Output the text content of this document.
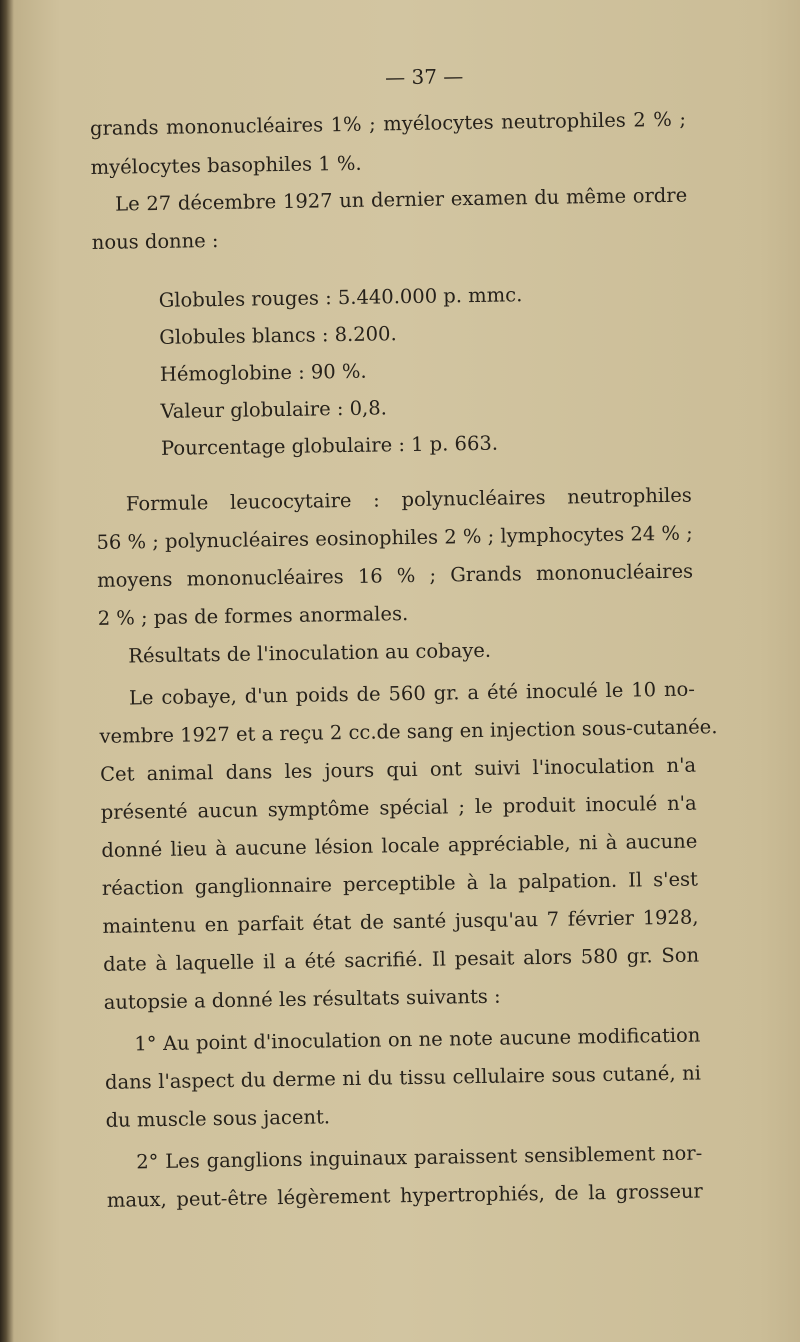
— 37 —
grands mononucléaires 1% ; myélocytes neutrophiles 2 % ;
myélocytes basophiles 1 %.
Le 27 décembre 1927 un dernier examen du même ordre
nous donne :
Globules rouges : 5.440.000 p. mmc.
Globules blancs : 8.200.
Hémoglobine : 90 %.
Valeur globulaire : 0,8.
Pourcentage globulaire : 1 p. 663.
Formule leucocytaire : polynucléaires neutrophiles
56 % ; polynucléaires eosinophiles 2 % ; lymphocytes 24 % ;
moyens mononucléaires 16 % ; Grands mononucléaires
2 % ; pas de formes anormales.
Résultats de l'inoculation au cobaye.
Le cobaye, d'un poids de 560 gr. a été inoculé le 10 no-
vembre 1927 et a reçu 2 cc.de sang en injection sous-cutanée.
Cet animal dans les jours qui ont suivi l'inoculation n'a
présenté aucun symptôme spécial ; le produit inoculé n'a
donné lieu à aucune lésion locale appréciable, ni à aucune
réaction ganglionnaire perceptible à la palpation. Il s'est
maintenu en parfait état de santé jusqu'au 7 février 1928,
date à laquelle il a été sacrifié. Il pesait alors 580 gr. Son
autopsie a donné les résultats suivants :
1° Au point d'inoculation on ne note aucune modification
dans l'aspect du derme ni du tissu cellulaire sous cutané, ni
du muscle sous jacent.
2° Les ganglions inguinaux paraissent sensiblement nor-
maux, peut-être légèrement hypertrophiés, de la grosseur
